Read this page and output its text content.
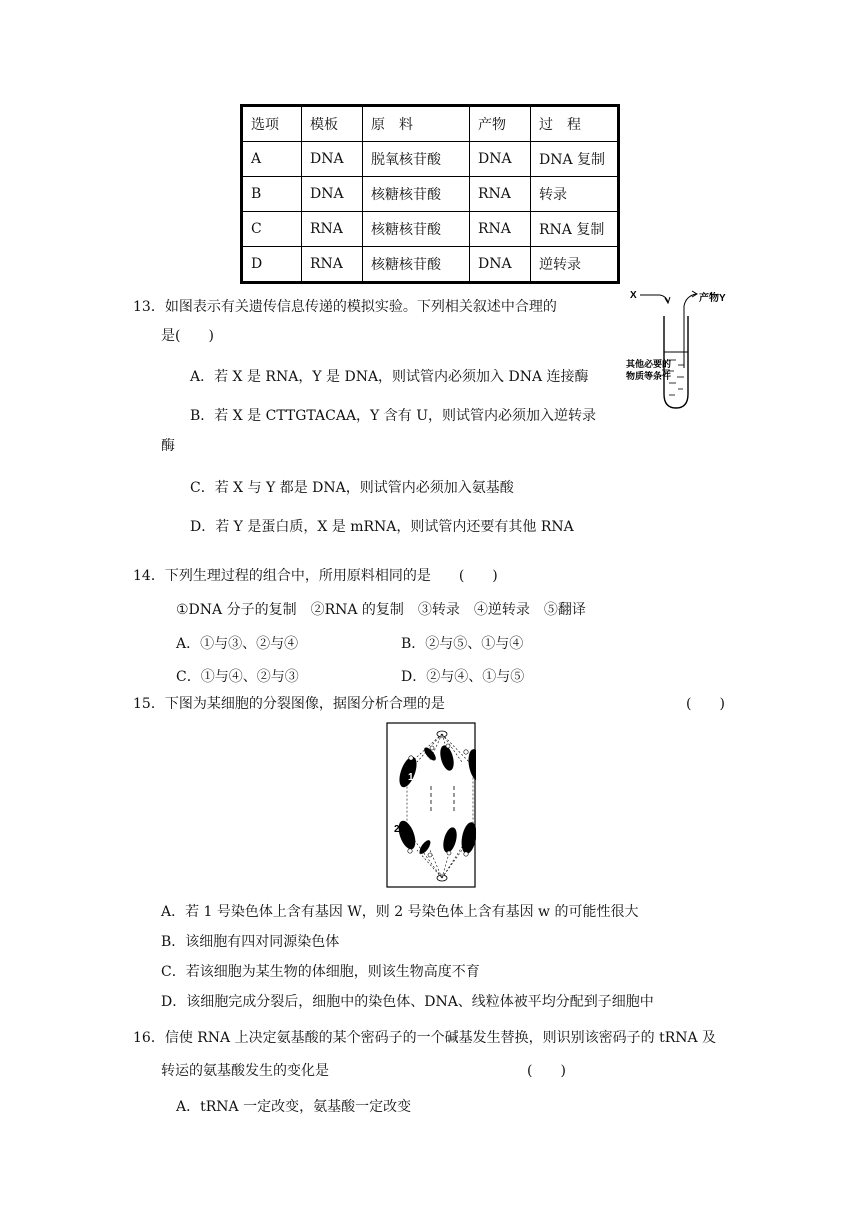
选项	模板	原　料	产物	过　程
A	DNA	脱氧核苷酸	DNA	DNA 复制
B	DNA	核糖核苷酸	RNA	转录
C	RNA	核糖核苷酸	RNA	RNA 复制
D	RNA	核糖核苷酸	DNA	逆转录
13．如图表示有关遗传信息传递的模拟实验。下列相关叙述中合理的
是(　　)
A．若 X 是 RNA，Y 是 DNA，则试管内必须加入 DNA 连接酶
B．若 X 是 CTTGTACAA，Y 含有 U，则试管内必须加入逆转录
酶
C．若 X 与 Y 都是 DNA，则试管内必须加入氨基酸
D．若 Y 是蛋白质，X 是 mRNA，则试管内还要有其他 RNA
X	产物Y
其他必要的
物质等条件
14．下列生理过程的组合中，所用原料相同的是　　(　　)
①DNA 分子的复制　②RNA 的复制　③转录　④逆转录　⑤翻译
A．①与③、②与④	B．②与⑤、①与④
C．①与④、②与③	D．②与④、①与⑤
15．下图为某细胞的分裂图像，据图分析合理的是	(　　)
1
2
A．若 1 号染色体上含有基因 W，则 2 号染色体上含有基因 w 的可能性很大
B．该细胞有四对同源染色体
C．若该细胞为某生物的体细胞，则该生物高度不育
D．该细胞完成分裂后，细胞中的染色体、DNA、线粒体被平均分配到子细胞中
16．信使 RNA 上决定氨基酸的某个密码子的一个碱基发生替换，则识别该密码子的 tRNA 及
转运的氨基酸发生的变化是	(　　)
A．tRNA 一定改变，氨基酸一定改变
